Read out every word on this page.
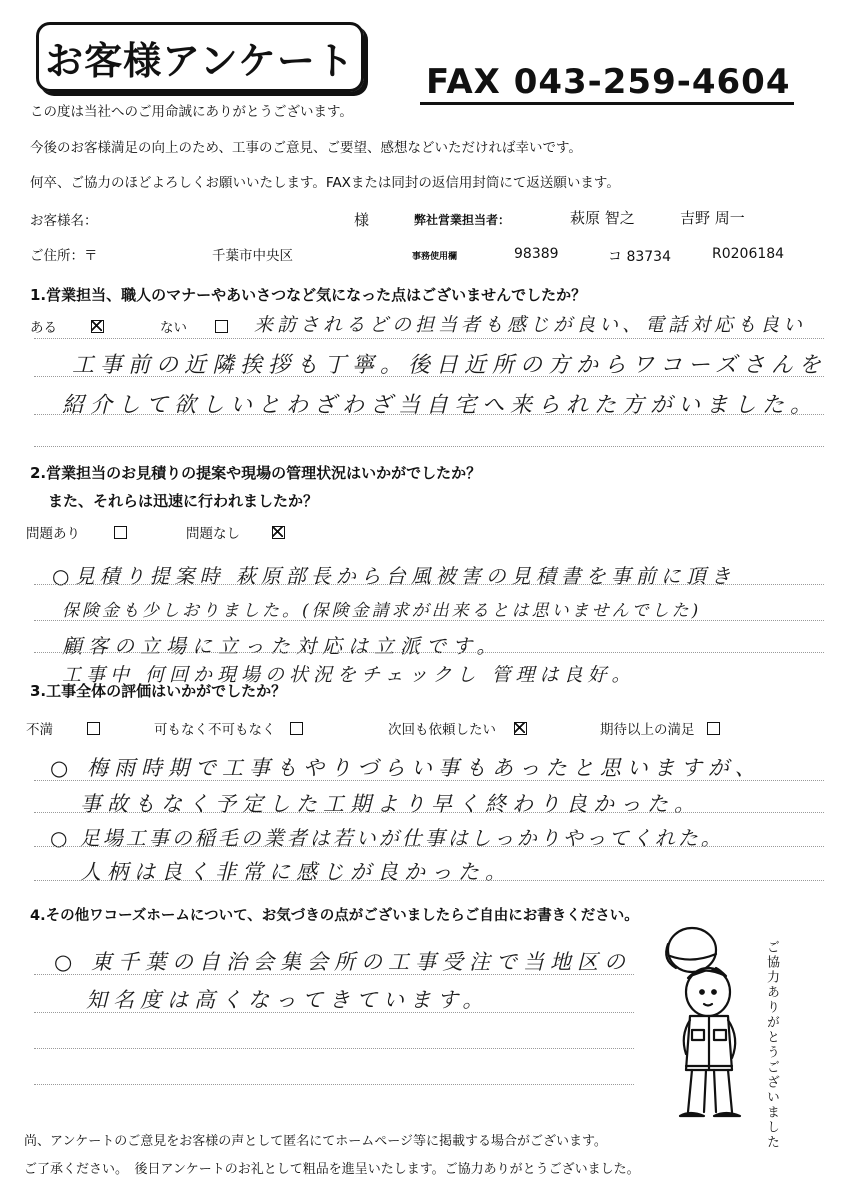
お客様アンケート FAX 043-259-4604
この度は当社へのご用命誠にありがとうございます。
今後のお客様満足の向上のため、工事のご意見、ご要望、感想などいただければ幸いです。
何卒、ご協力のほどよろしくお願いいたします。FAXまたは同封の返信用封筒にて返送願います。
お客様名：	様	弊社営業担当者：	萩原 智之	吉野 周一
ご住所：〒	千葉市中央区	事務使用欄	98389	コ 83734	R0206184
1.営業担当、職人のマナーやあいさつなど気になった点はございませんでしたか？
ある	ない	来訪されるどの担当者も感じが良い、電話対応も良い
工事前の近隣挨拶も丁寧。後日近所の方からワコーズさんを
紹介して欲しいとわざわざ当自宅へ来られた方がいました。
2.営業担当のお見積りの提案や現場の管理状況はいかがでしたか？
また、それらは迅速に行われましたか？
問題あり	問題なし
○見積り提案時 萩原部長から台風被害の見積書を事前に頂き
保険金も少しおりました。(保険金請求が出来るとは思いませんでした)
顧客の立場に立った対応は立派です。
工事中 何回か現場の状況をチェックし 管理は良好。
3.工事全体の評価はいかがでしたか？
不満	可もなく不可もなく	次回も依頼したい	期待以上の満足
○ 梅雨時期で工事もやりづらい事もあったと思いますが、
事故もなく予定した工期より早く終わり良かった。
○ 足場工事の稲毛の業者は若いが仕事はしっかりやってくれた。
人柄は良く非常に感じが良かった。
4.その他ワコーズホームについて、お気づきの点がございましたらご自由にお書きください。
○ 東千葉の自治会集会所の工事受注で当地区の
知名度は高くなってきています。	ご協力ありがとうございました
尚、アンケートのご意見をお客様の声として匿名にてホームページ等に掲載する場合がございます。
ご了承ください。　後日アンケートのお礼として粗品を進呈いたします。ご協力ありがとうございました。
